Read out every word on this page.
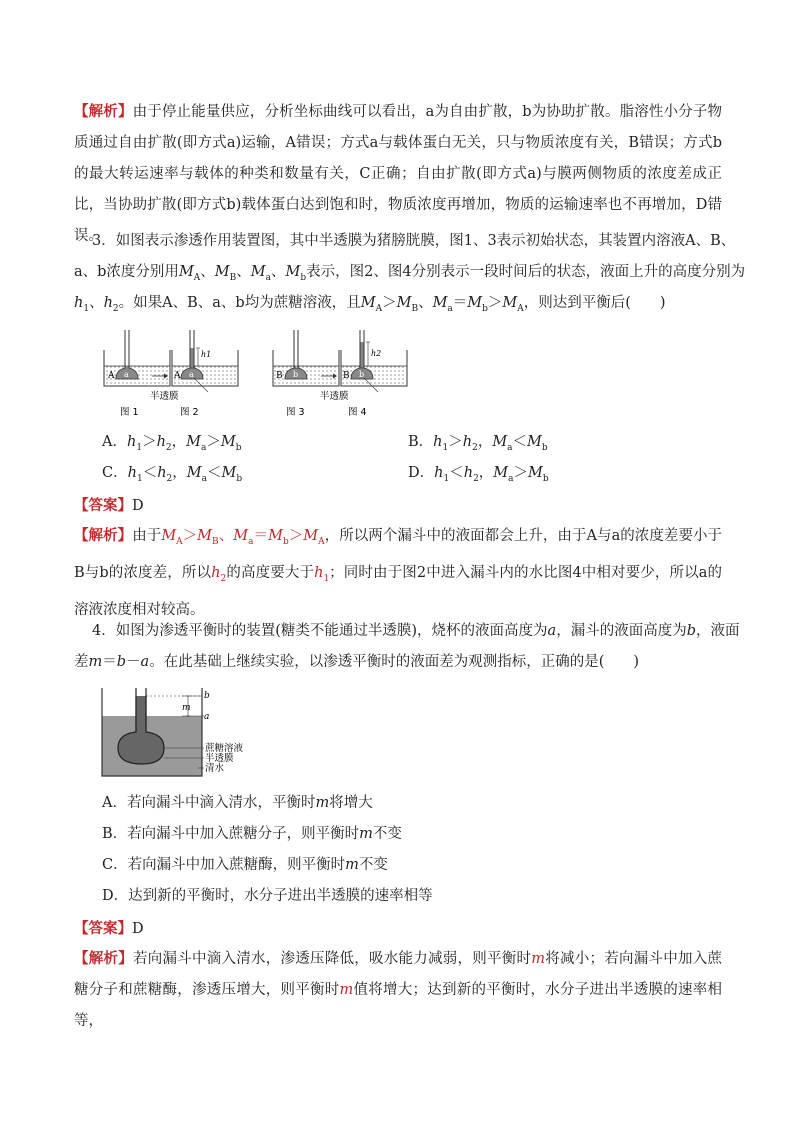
【解析】由于停止能量供应，分析坐标曲线可以看出，a为自由扩散，b为协助扩散。脂溶性小分子物质通过自由扩散(即方式a)运输，A错误；方式a与载体蛋白无关，只与物质浓度有关，B错误；方式b的最大转运速率与载体的种类和数量有关，C正确；自由扩散(即方式a)与膜两侧物质的浓度差成正比，当协助扩散(即方式b)载体蛋白达到饱和时，物质浓度再增加，物质的运输速率也不再增加，D错误。
3．如图表示渗透作用装置图，其中半透膜为猪膀胱膜，图1、3表示初始状态，其装置内溶液A、B、
a、b浓度分别用$M_A$、$M_B$、$M_a$、$M_b$表示，图2、图4分别表示一段时间后的状态，液面上升的高度分别为
$h_1$、$h_2$。如果A、B、a、b均为蔗糖溶液，且$M_A>M_B$、$M_a=M_b>M_A$，则达到平衡后(　　)
A a	A a
h1
半透膜
图 1	图 2
B b	B b
h2
半透膜
图 3	图 4
A．$h_1>h_2$，$M_a>M_b$	B．$h_1>h_2$，$M_a<M_b$
C．$h_1<h_2$，$M_a<M_b$	D．$h_1<h_2$，$M_a>M_b$
【答案】D
【解析】由于$M_A>M_B$、$M_a=M_b>M_A$，所以两个漏斗中的液面都会上升，由于A与a的浓度差要小于B与b的浓度差，所以$h_2$的高度要大于$h_1$；同时由于图2中进入漏斗内的水比图4中相对要少，所以a的溶液浓度相对较高。
4．如图为渗透平衡时的装置(糖类不能通过半透膜)，烧杯的液面高度为a，漏斗的液面高度为b，液面
差m＝b－a。在此基础上继续实验，以渗透平衡时的液面差为观测指标，正确的是(　　)
b
m
a
蔗糖溶液
半透膜
清水
A．若向漏斗中滴入清水，平衡时m将增大
B．若向漏斗中加入蔗糖分子，则平衡时m不变
C．若向漏斗中加入蔗糖酶，则平衡时m不变
D．达到新的平衡时，水分子进出半透膜的速率相等
【答案】D
【解析】若向漏斗中滴入清水，渗透压降低，吸水能力减弱，则平衡时m将减小；若向漏斗中加入蔗糖分子和蔗糖酶，渗透压增大，则平衡时m值将增大；达到新的平衡时，水分子进出半透膜的速率相等，
